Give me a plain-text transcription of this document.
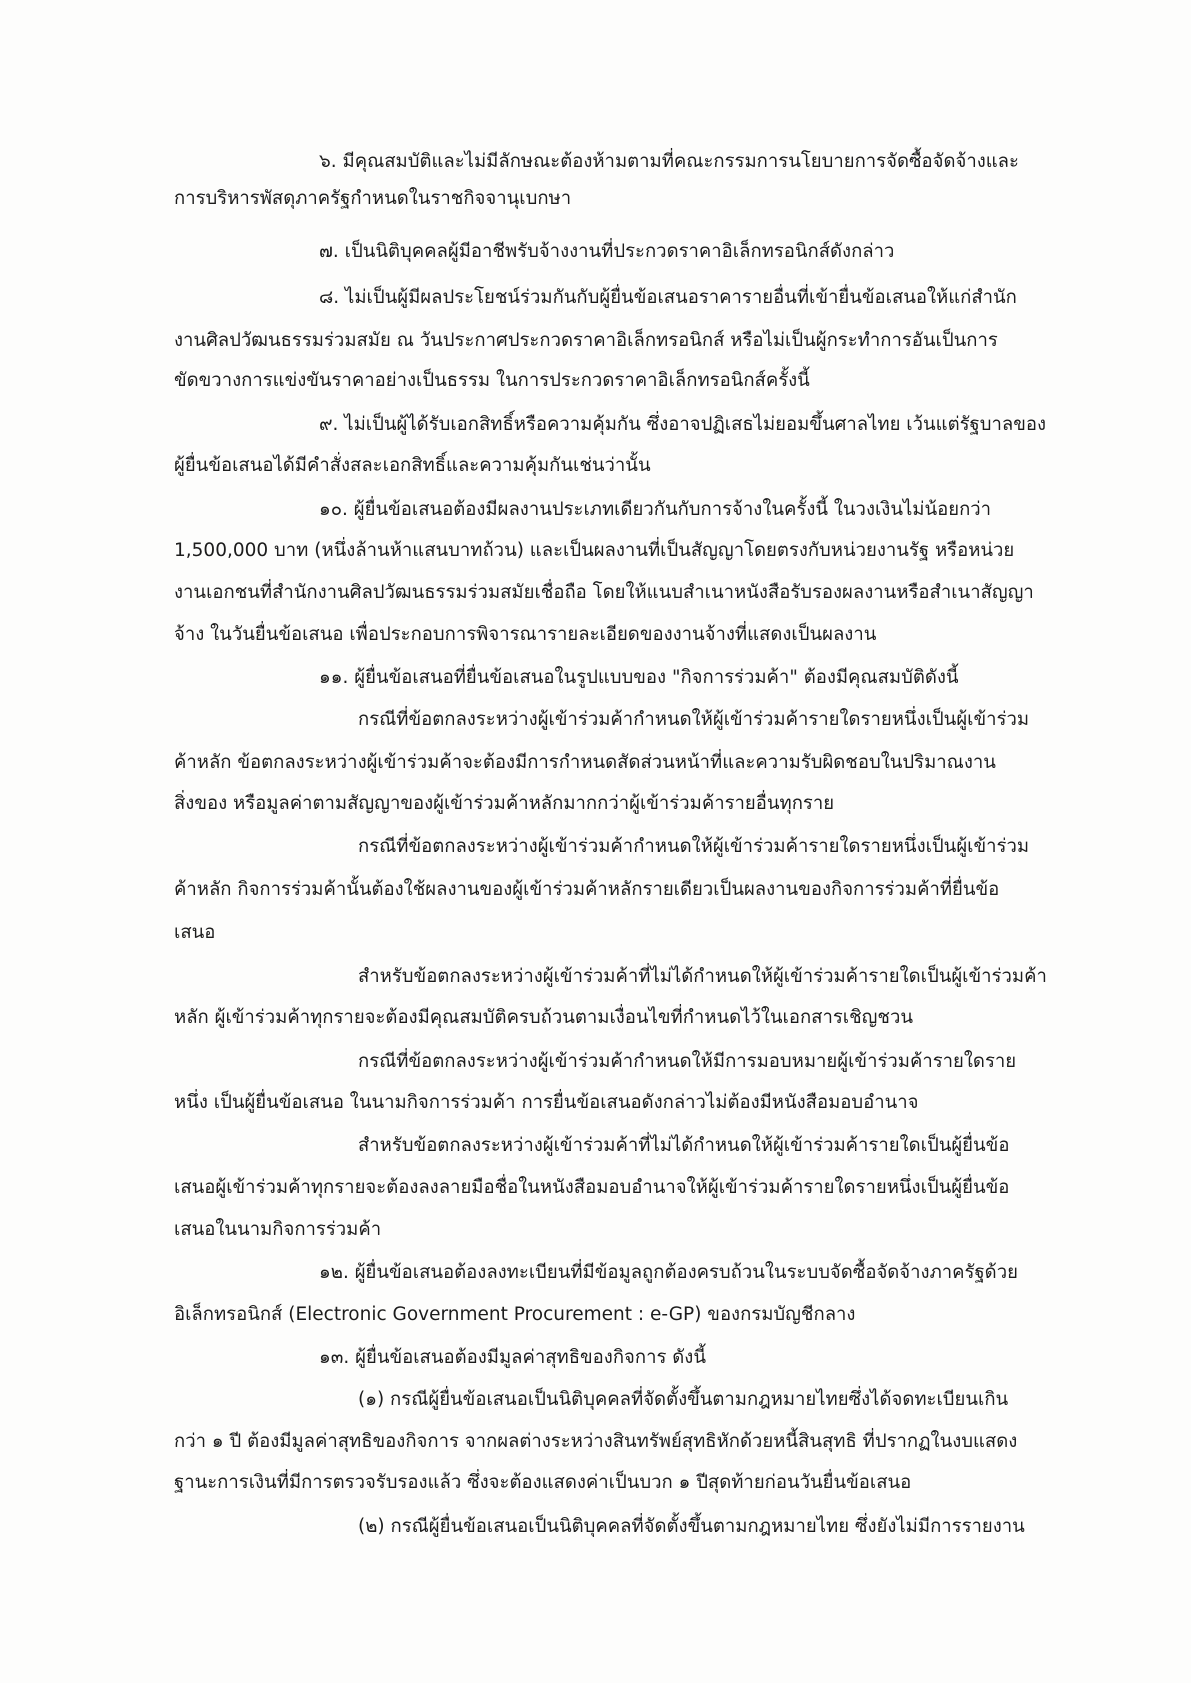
๖. มีคุณสมบัติและไม่มีลักษณะต้องห้ามตามที่คณะกรรมการนโยบายการจัดซื้อจัดจ้างและ
การบริหารพัสดุภาครัฐกำหนดในราชกิจจานุเบกษา
๗. เป็นนิติบุคคลผู้มีอาชีพรับจ้างงานที่ประกวดราคาอิเล็กทรอนิกส์ดังกล่าว
๘. ไม่เป็นผู้มีผลประโยชน์ร่วมกันกับผู้ยื่นข้อเสนอราคารายอื่นที่เข้ายื่นข้อเสนอให้แก่สำนัก
งานศิลปวัฒนธรรมร่วมสมัย ณ วันประกาศประกวดราคาอิเล็กทรอนิกส์ หรือไม่เป็นผู้กระทำการอันเป็นการ
ขัดขวางการแข่งขันราคาอย่างเป็นธรรม ในการประกวดราคาอิเล็กทรอนิกส์ครั้งนี้
๙. ไม่เป็นผู้ได้รับเอกสิทธิ์หรือความคุ้มกัน ซึ่งอาจปฏิเสธไม่ยอมขึ้นศาลไทย เว้นแต่รัฐบาลของ
ผู้ยื่นข้อเสนอได้มีคำสั่งสละเอกสิทธิ์และความคุ้มกันเช่นว่านั้น
๑๐. ผู้ยื่นข้อเสนอต้องมีผลงานประเภทเดียวกันกับการจ้างในครั้งนี้ ในวงเงินไม่น้อยกว่า
1,500,000 บาท (หนึ่งล้านห้าแสนบาทถ้วน) และเป็นผลงานที่เป็นสัญญาโดยตรงกับหน่วยงานรัฐ หรือหน่วย
งานเอกชนที่สำนักงานศิลปวัฒนธรรมร่วมสมัยเชื่อถือ โดยให้แนบสำเนาหนังสือรับรองผลงานหรือสำเนาสัญญา
จ้าง ในวันยื่นข้อเสนอ เพื่อประกอบการพิจารณารายละเอียดของงานจ้างที่แสดงเป็นผลงาน
๑๑. ผู้ยื่นข้อเสนอที่ยื่นข้อเสนอในรูปแบบของ "กิจการร่วมค้า" ต้องมีคุณสมบัติดังนี้
กรณีที่ข้อตกลงระหว่างผู้เข้าร่วมค้ากำหนดให้ผู้เข้าร่วมค้ารายใดรายหนึ่งเป็นผู้เข้าร่วม
ค้าหลัก ข้อตกลงระหว่างผู้เข้าร่วมค้าจะต้องมีการกำหนดสัดส่วนหน้าที่และความรับผิดชอบในปริมาณงาน
สิ่งของ หรือมูลค่าตามสัญญาของผู้เข้าร่วมค้าหลักมากกว่าผู้เข้าร่วมค้ารายอื่นทุกราย
กรณีที่ข้อตกลงระหว่างผู้เข้าร่วมค้ากำหนดให้ผู้เข้าร่วมค้ารายใดรายหนึ่งเป็นผู้เข้าร่วม
ค้าหลัก กิจการร่วมค้านั้นต้องใช้ผลงานของผู้เข้าร่วมค้าหลักรายเดียวเป็นผลงานของกิจการร่วมค้าที่ยื่นข้อ
เสนอ
สำหรับข้อตกลงระหว่างผู้เข้าร่วมค้าที่ไม่ได้กำหนดให้ผู้เข้าร่วมค้ารายใดเป็นผู้เข้าร่วมค้า
หลัก ผู้เข้าร่วมค้าทุกรายจะต้องมีคุณสมบัติครบถ้วนตามเงื่อนไขที่กำหนดไว้ในเอกสารเชิญชวน
กรณีที่ข้อตกลงระหว่างผู้เข้าร่วมค้ากำหนดให้มีการมอบหมายผู้เข้าร่วมค้ารายใดราย
หนึ่ง เป็นผู้ยื่นข้อเสนอ ในนามกิจการร่วมค้า การยื่นข้อเสนอดังกล่าวไม่ต้องมีหนังสือมอบอำนาจ
สำหรับข้อตกลงระหว่างผู้เข้าร่วมค้าที่ไม่ได้กำหนดให้ผู้เข้าร่วมค้ารายใดเป็นผู้ยื่นข้อ
เสนอผู้เข้าร่วมค้าทุกรายจะต้องลงลายมือชื่อในหนังสือมอบอำนาจให้ผู้เข้าร่วมค้ารายใดรายหนึ่งเป็นผู้ยื่นข้อ
เสนอในนามกิจการร่วมค้า
๑๒. ผู้ยื่นข้อเสนอต้องลงทะเบียนที่มีข้อมูลถูกต้องครบถ้วนในระบบจัดซื้อจัดจ้างภาครัฐด้วย
อิเล็กทรอนิกส์ (Electronic Government Procurement : e-GP) ของกรมบัญชีกลาง
๑๓. ผู้ยื่นข้อเสนอต้องมีมูลค่าสุทธิของกิจการ ดังนี้
(๑) กรณีผู้ยื่นข้อเสนอเป็นนิติบุคคลที่จัดตั้งขึ้นตามกฎหมายไทยซึ่งได้จดทะเบียนเกิน
กว่า ๑ ปี ต้องมีมูลค่าสุทธิของกิจการ จากผลต่างระหว่างสินทรัพย์สุทธิหักด้วยหนี้สินสุทธิ ที่ปรากฏในงบแสดง
ฐานะการเงินที่มีการตรวจรับรองแล้ว ซึ่งจะต้องแสดงค่าเป็นบวก ๑ ปีสุดท้ายก่อนวันยื่นข้อเสนอ
(๒) กรณีผู้ยื่นข้อเสนอเป็นนิติบุคคลที่จัดตั้งขึ้นตามกฎหมายไทย ซึ่งยังไม่มีการรายงาน
